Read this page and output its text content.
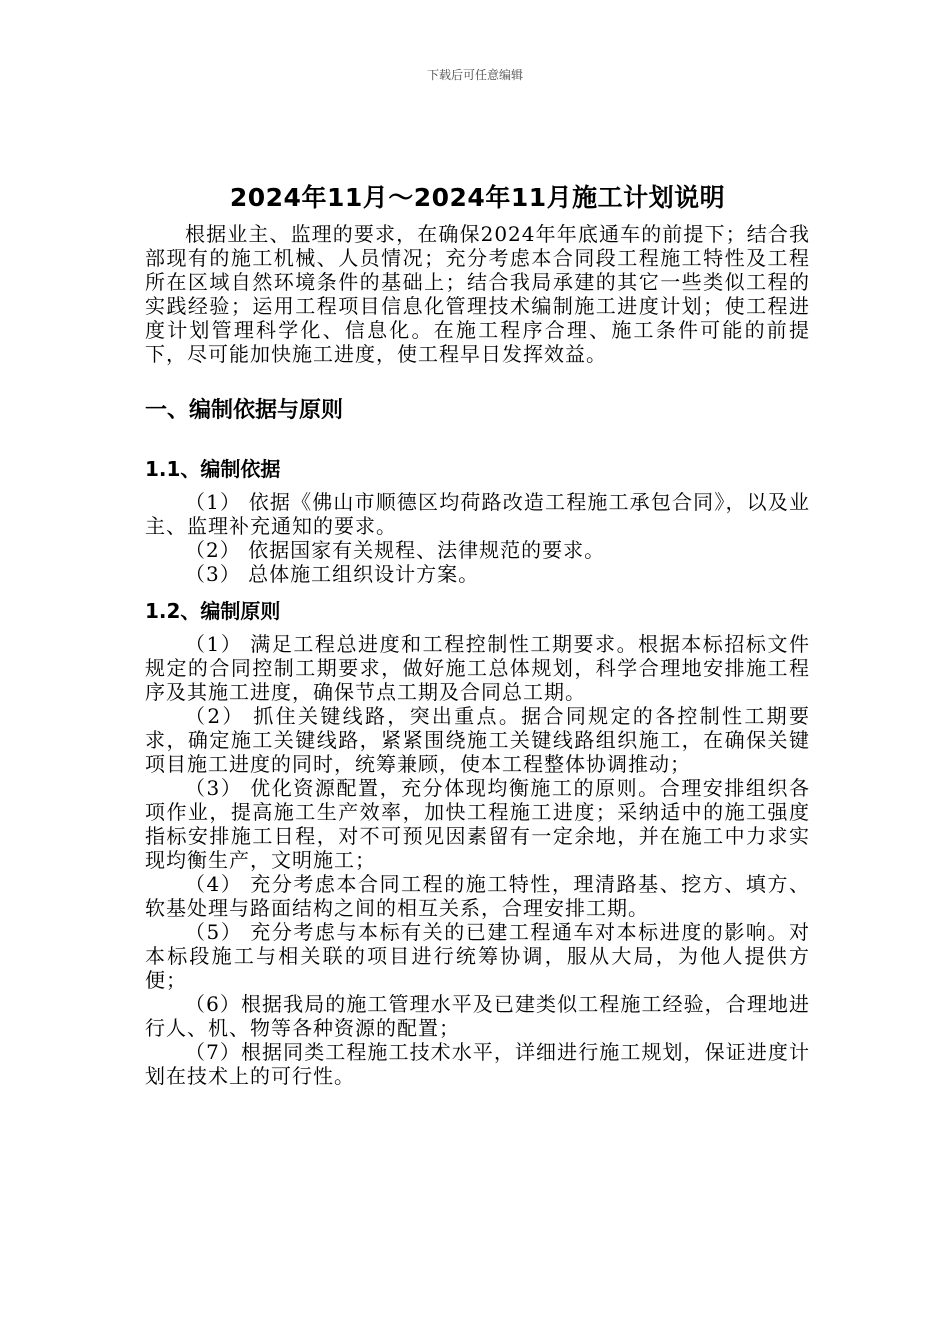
下载后可任意编辑
2024年11月～2024年11月施工计划说明

根据业主、监理的要求，在确保2024年年底通车的前提下；结合我部现有的施工机械、人员情况；充分考虑本合同段工程施工特性及工程所在区域自然环境条件的基础上；结合我局承建的其它一些类似工程的实践经验；运用工程项目信息化管理技术编制施工进度计划；使工程进度计划管理科学化、信息化。在施工程序合理、施工条件可能的前提下，尽可能加快施工进度，使工程早日发挥效益。

一、编制依据与原则
1.1、编制依据

（1） 依据《佛山市顺德区均荷路改造工程施工承包合同》，以及业主、监理补充通知的要求。

（2） 依据国家有关规程、法律规范的要求。

（3） 总体施工组织设计方案。

1.2、编制原则

（1） 满足工程总进度和工程控制性工期要求。根据本标招标文件规定的合同控制工期要求，做好施工总体规划，科学合理地安排施工程序及其施工进度，确保节点工期及合同总工期。

（2） 抓住关键线路，突出重点。据合同规定的各控制性工期要求，确定施工关键线路，紧紧围绕施工关键线路组织施工，在确保关键项目施工进度的同时，统筹兼顾，使本工程整体协调推动；

（3） 优化资源配置，充分体现均衡施工的原则。合理安排组织各项作业，提高施工生产效率，加快工程施工进度；采纳适中的施工强度指标安排施工日程，对不可预见因素留有一定余地，并在施工中力求实现均衡生产，文明施工；

（4） 充分考虑本合同工程的施工特性，理清路基、挖方、填方、软基处理与路面结构之间的相互关系，合理安排工期。

（5） 充分考虑与本标有关的已建工程通车对本标进度的影响。对本标段施工与相关联的项目进行统筹协调，服从大局，为他人提供方便；

（6）根据我局的施工管理水平及已建类似工程施工经验，合理地进行人、机、物等各种资源的配置；

（7）根据同类工程施工技术水平，详细进行施工规划，保证进度计划在技术上的可行性。
